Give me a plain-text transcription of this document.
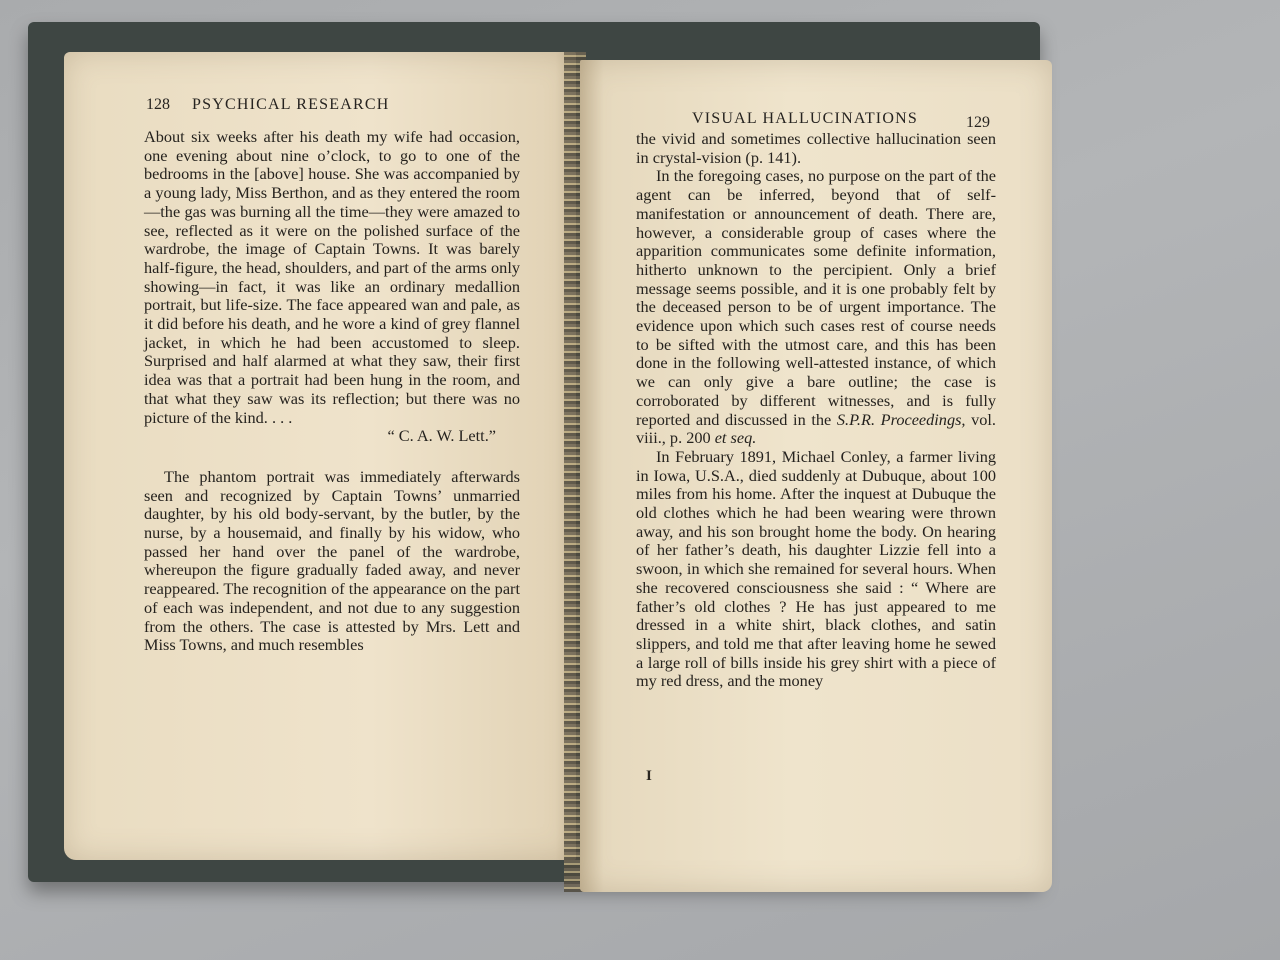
128 PSYCHICAL RESEARCH

About six weeks after his death my wife had occasion, one evening about nine o’clock, to go to one of the bedrooms in the [above] house. She was accompanied by a young lady, Miss Berthon, and as they entered the room—the gas was burning all the time—they were amazed to see, reflected as it were on the polished surface of the wardrobe, the image of Captain Towns. It was barely half-figure, the head, shoulders, and part of the arms only showing—in fact, it was like an ordinary medallion portrait, but life-size. The face appeared wan and pale, as it did before his death, and he wore a kind of grey flannel jacket, in which he had been accustomed to sleep. Surprised and half alarmed at what they saw, their first idea was that a portrait had been hung in the room, and that what they saw was its reflection; but there was no picture of the kind. . . .

“ C. A. W. Lett.”

The phantom portrait was immediately afterwards seen and recognized by Captain Towns’ unmarried daughter, by his old body-servant, by the butler, by the nurse, by a housemaid, and finally by his widow, who passed her hand over the panel of the wardrobe, whereupon the figure gradually faded away, and never reappeared. The recognition of the appearance on the part of each was independent, and not due to any suggestion from the others. The case is attested by Mrs. Lett and Miss Towns, and much resembles

VISUAL HALLUCINATIONS	129

the vivid and sometimes collective hallucination seen in crystal-vision (p. 141).

In the foregoing cases, no purpose on the part of the agent can be inferred, beyond that of self-manifestation or announcement of death. There are, however, a considerable group of cases where the apparition communicates some definite information, hitherto unknown to the percipient. Only a brief message seems possible, and it is one probably felt by the deceased person to be of urgent importance. The evidence upon which such cases rest of course needs to be sifted with the utmost care, and this has been done in the following well-attested instance, of which we can only give a bare outline; the case is corroborated by different witnesses, and is fully reported and discussed in the S.P.R. Proceedings, vol. viii., p. 200 et seq.

In February 1891, Michael Conley, a farmer living in Iowa, U.S.A., died suddenly at Dubuque, about 100 miles from his home. After the inquest at Dubuque the old clothes which he had been wearing were thrown away, and his son brought home the body. On hearing of her father’s death, his daughter Lizzie fell into a swoon, in which she remained for several hours. When she recovered consciousness she said : “ Where are father’s old clothes ? He has just appeared to me dressed in a white shirt, black clothes, and satin slippers, and told me that after leaving home he sewed a large roll of bills inside his grey shirt with a piece of my red dress, and the money

I
